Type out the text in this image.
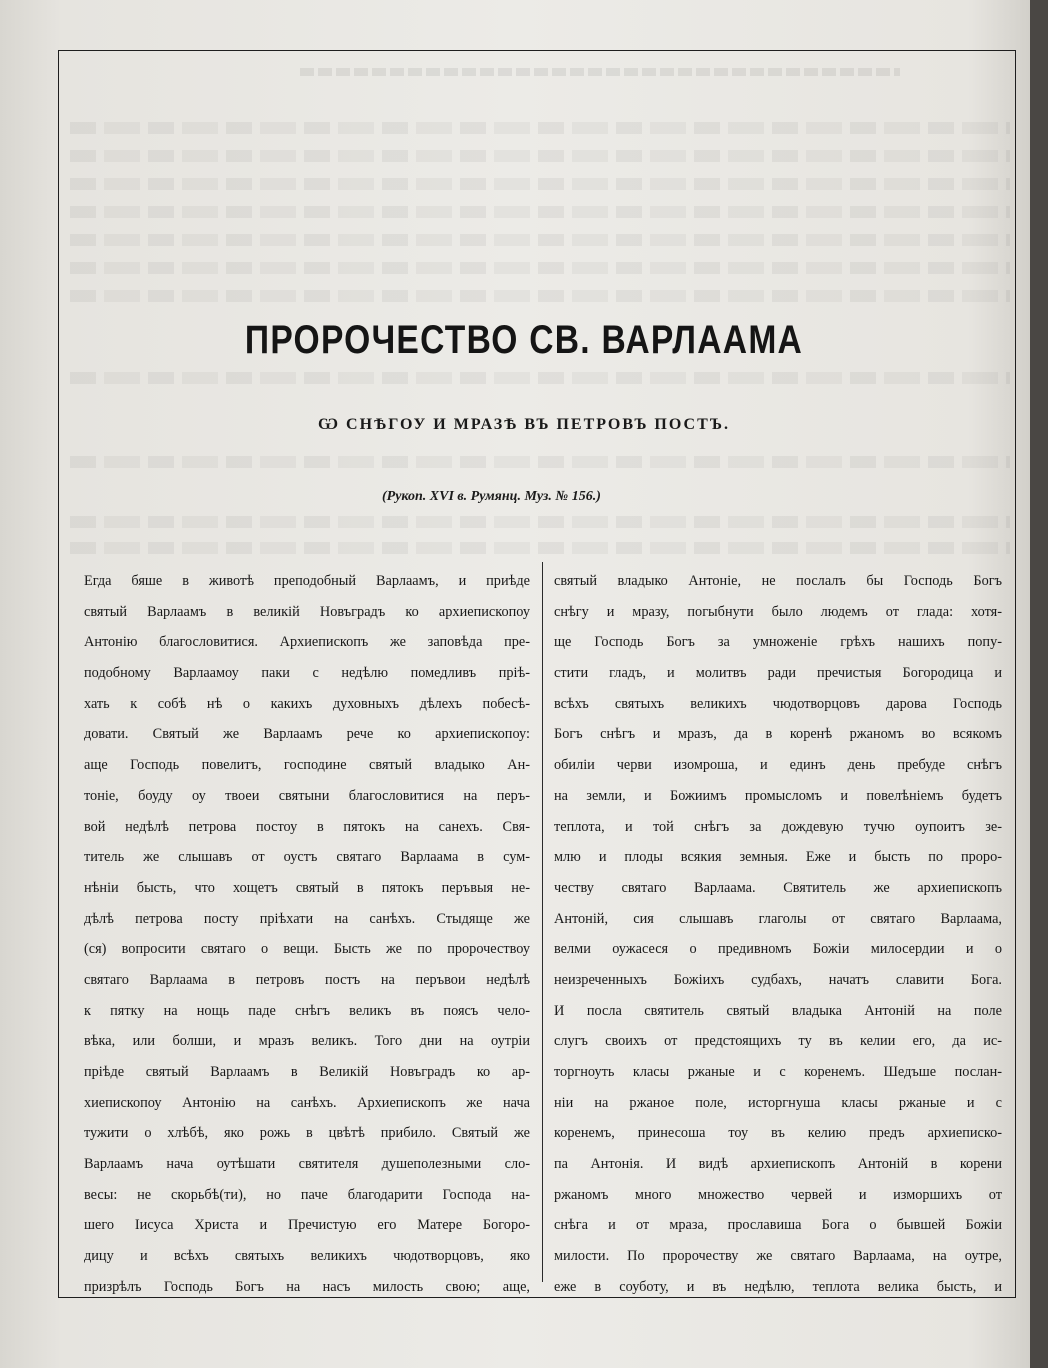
ПРОРОЧЕСТВО СВ. ВАРЛААМА

Ѡ СНѢГОУ И МРАЗѢ ВЪ ПЕТРОВЪ ПОСТЪ.

(Рукоп. XVI в. Румянц. Муз. № 156.)
Егда бяше в животѣ преподобный Варлаамъ, и приѣде
святый Варлаамъ в великій Новъградъ ко архиепископоу
Антонію благословитися. Архиепископъ же заповѣда пре-
подобному Варлаамоу паки с недѣлю помедливъ пріѣ-
хать к собѣ нѣ о какихъ духовныхъ дѣлехъ побесѣ-
довати. Святый же Варлаамъ рече ко архиепископоу:
аще Господь повелитъ, господине святый владыко Ан-
тоніе, боуду оу твоеи святыни благословитися на перъ-
вой недѣлѣ петрова постоу в пятокъ на санехъ. Свя-
титель же слышавъ от оустъ святаго Варлаама в сум-
нѣніи бысть, что хощетъ святый в пятокъ перъвыя не-
дѣлѣ петрова посту пріѣхати на санѣхъ. Стыдяще же
(ся) вопросити святаго о вещи. Бысть же по пророчествоу
святаго Варлаама в петровъ постъ на перъвои недѣлѣ
к пятку на нощь паде снѣгъ великъ въ поясъ чело-
вѣка, или болши, и мразъ великъ. Того дни на оутріи
пріѣде святый Варлаамъ в Великій Новъградъ ко ар-
хиепископоу Антонію на санѣхъ. Архиепископъ же нача
тужити о хлѣбѣ, яко рожь в цвѣтѣ прибило. Святый же
Варлаамъ нача оутѣшати святителя душеполезными сло-
весы: не скорьбѣ(ти), но паче благодарити Господа на-
шего Іисуса Христа и Пречистую его Матере Богоро-
дицу и всѣхъ святыхъ великихъ чюдотворцовъ, яко
призрѣлъ Господь Богъ на насъ милость свою; аще,
святый владыко Антоніе, не послалъ бы Господь Богъ
снѣгу и мразу, погыбнути было людемъ от глада: хотя-
ще Господь Богъ за умноженіе грѣхъ нашихъ попу-
стити гладъ, и молитвъ ради пречистыя Богородица и
всѣхъ святыхъ великихъ чюдотворцовъ дарова Господь
Богъ снѣгъ и мразъ, да в коренѣ ржаномъ во всякомъ
обиліи черви изомроша, и единъ день пребуде снѣгъ
на земли, и Божиимъ промысломъ и повелѣніемъ будетъ
теплота, и той снѣгъ за дождевую тучю оупоитъ зе-
млю и плоды всякия земныя. Еже и бысть по проро-
честву святаго Варлаама. Святитель же архиепископъ
Антоній, сия слышавъ глаголы от святаго Варлаама,
велми оужасеся о предивномъ Божіи милосердии и о
неизреченныхъ Божіихъ судбахъ, начатъ славити Бога.
И посла святитель святый владыка Антоній на поле
слугъ своихъ от предстоящихъ ту въ келии его, да ис-
торгноуть класы ржаные и с коренемъ. Шедъше послан-
ніи на ржаное поле, исторгнуша класы ржаные и с
коренемъ, принесоша тоу въ келию предъ архиеписко-
па Антонія. И видѣ архиепископъ Антоній в корени
ржаномъ много множество червей и изморшихъ от
снѣга и от мраза, прославиша Бога о бывшей Божіи
милости. По пророчеству же святаго Варлаама, на оутре,
еже в соуботу, и въ недѣлю, теплота велика бысть, и
